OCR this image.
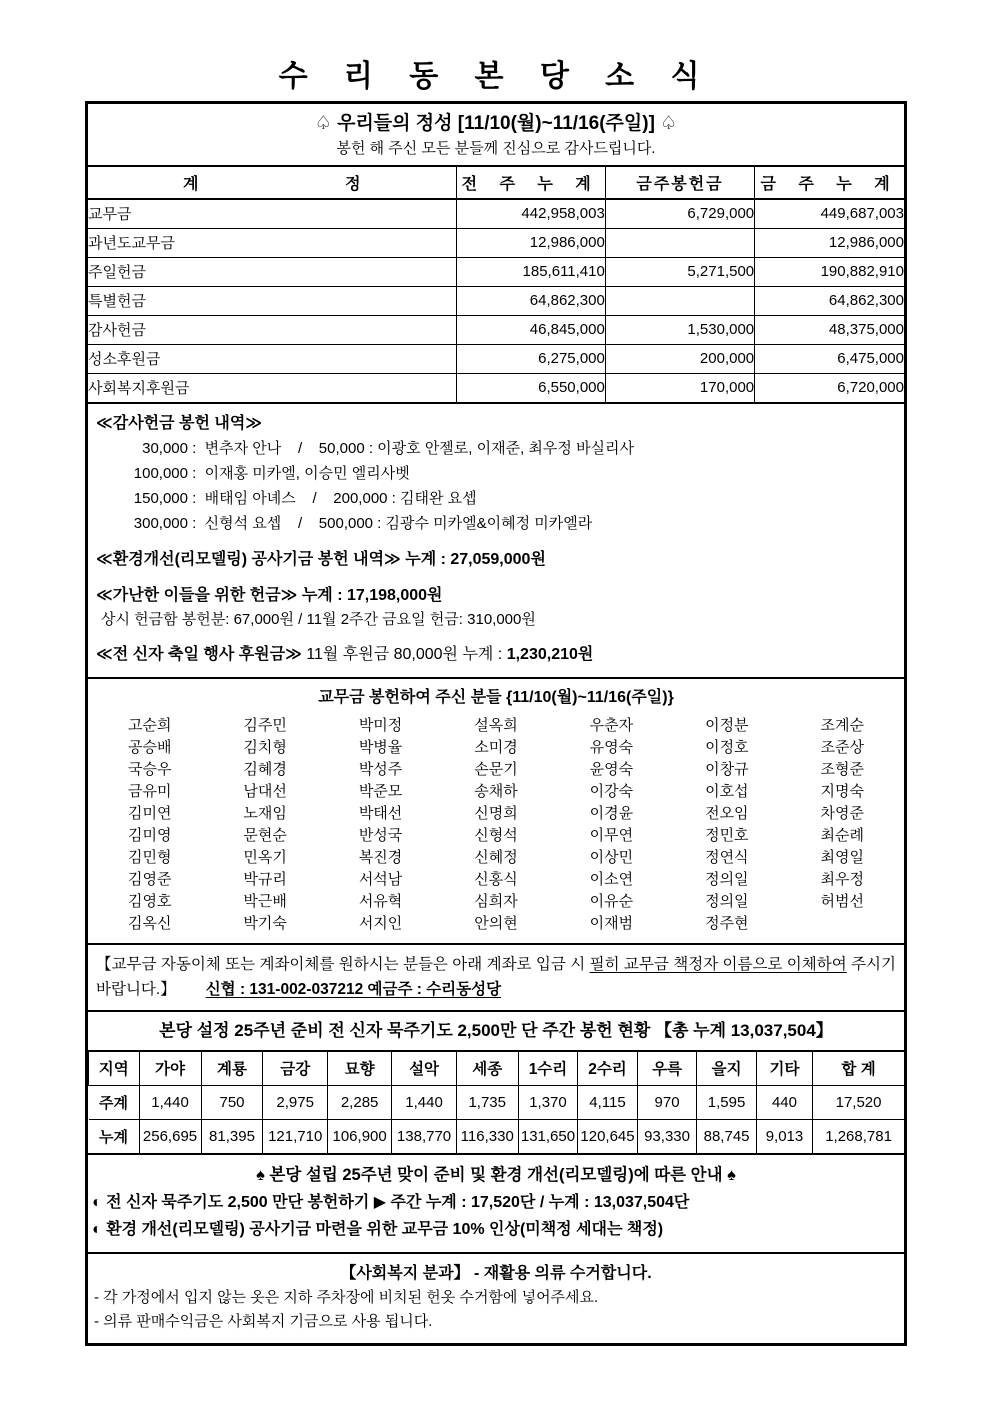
수 리 동 본 당 소 식
♤ 우리들의 정성 [11/10(월)~11/16(주일)] ♤
봉헌 해 주신 모든 분들께 진심으로 감사드립니다.
계 정	전 주 누 계	금주봉헌금	금 주 누 계
교무금	442,958,003	6,729,000	449,687,003
과년도교무금	12,986,000		12,986,000
주일헌금	185,611,410	5,271,500	190,882,910
특별헌금	64,862,300		64,862,300
감사헌금	46,845,000	1,530,000	48,375,000
성소후원금	6,275,000	200,000	6,475,000
사회복지후원금	6,550,000	170,000	6,720,000
≪감사헌금 봉헌 내역≫
30,000 :  변추자 안나    /    50,000 : 이광호 안젤로, 이재준, 최우정 바실리사
100,000 :  이재홍 미카엘, 이승민 엘리사벳
150,000 :  배태임 아녜스    /    200,000 : 김태완 요셉
300,000 :  신형석 요셉    /    500,000 : 김광수 미카엘&이혜정 미카엘라
≪환경개선(리모델링) 공사기금 봉헌 내역≫ 누계 : 27,059,000원
≪가난한 이들을 위한 헌금≫ 누계 : 17,198,000원
상시 헌금함 봉헌분: 67,000원 / 11월 2주간 금요일 헌금: 310,000원
≪전 신자 축일 행사 후원금≫ 11월 후원금 80,000원 누계 : 1,230,210원
교무금 봉헌하여 주신 분들 {11/10(월)~11/16(주일)}
고순희	김주민	박미정	설옥희	우춘자	이정분	조계순
공승배	김치형	박병율	소미경	유영숙	이정호	조준상
국승우	김혜경	박성주	손문기	윤영숙	이창규	조형준
금유미	남대선	박준모	송채하	이강숙	이호섭	지명숙
김미연	노재임	박태선	신명희	이경윤	전오임	차영준
김미영	문현순	반성국	신형석	이무연	정민호	최순례
김민형	민옥기	복진경	신혜정	이상민	정연식	최영일
김영준	박규리	서석남	신홍식	이소연	정의일	최우정
김영호	박근배	서유혁	심희자	이유순	정의일	허범선
김옥신	박기숙	서지인	안의현	이재범	정주현
【교무금 자동이체 또는 계좌이체를 원하시는 분들은 아래 계좌로 입금 시 필히 교무금 책정자 이름으로 이체하여 주시기 바랍니다.】 신협 : 131-002-037212 예금주 : 수리동성당
본당 설정 25주년 준비 전 신자 묵주기도 2,500만 단 주간 봉헌 현황 【총 누계 13,037,504】
지역	가야	계룡	금강	묘향	설악	세종	1수리	2수리	우륵	을지	기타	합 계
주계	1,440	750	2,975	2,285	1,440	1,735	1,370	4,115	970	1,595	440	17,520
누계	256,695	81,395	121,710	106,900	138,770	116,330	131,650	120,645	93,330	88,745	9,013	1,268,781
♠ 본당 설립 25주년 맞이 준비 및 환경 개선(리모델링)에 따른 안내 ♠
◐ 전 신자 묵주기도 2,500 만단 봉헌하기 ▶ 주간 누계 : 17,520단 / 누계 : 13,037,504단
◐ 환경 개선(리모델링) 공사기금 마련을 위한 교무금 10% 인상(미책정 세대는 책정)
【사회복지 분과】 - 재활용 의류 수거합니다.
- 각 가정에서 입지 않는 옷은 지하 주차장에 비치된 헌옷 수거함에 넣어주세요.
- 의류 판매수익금은 사회복지 기금으로 사용 됩니다.
